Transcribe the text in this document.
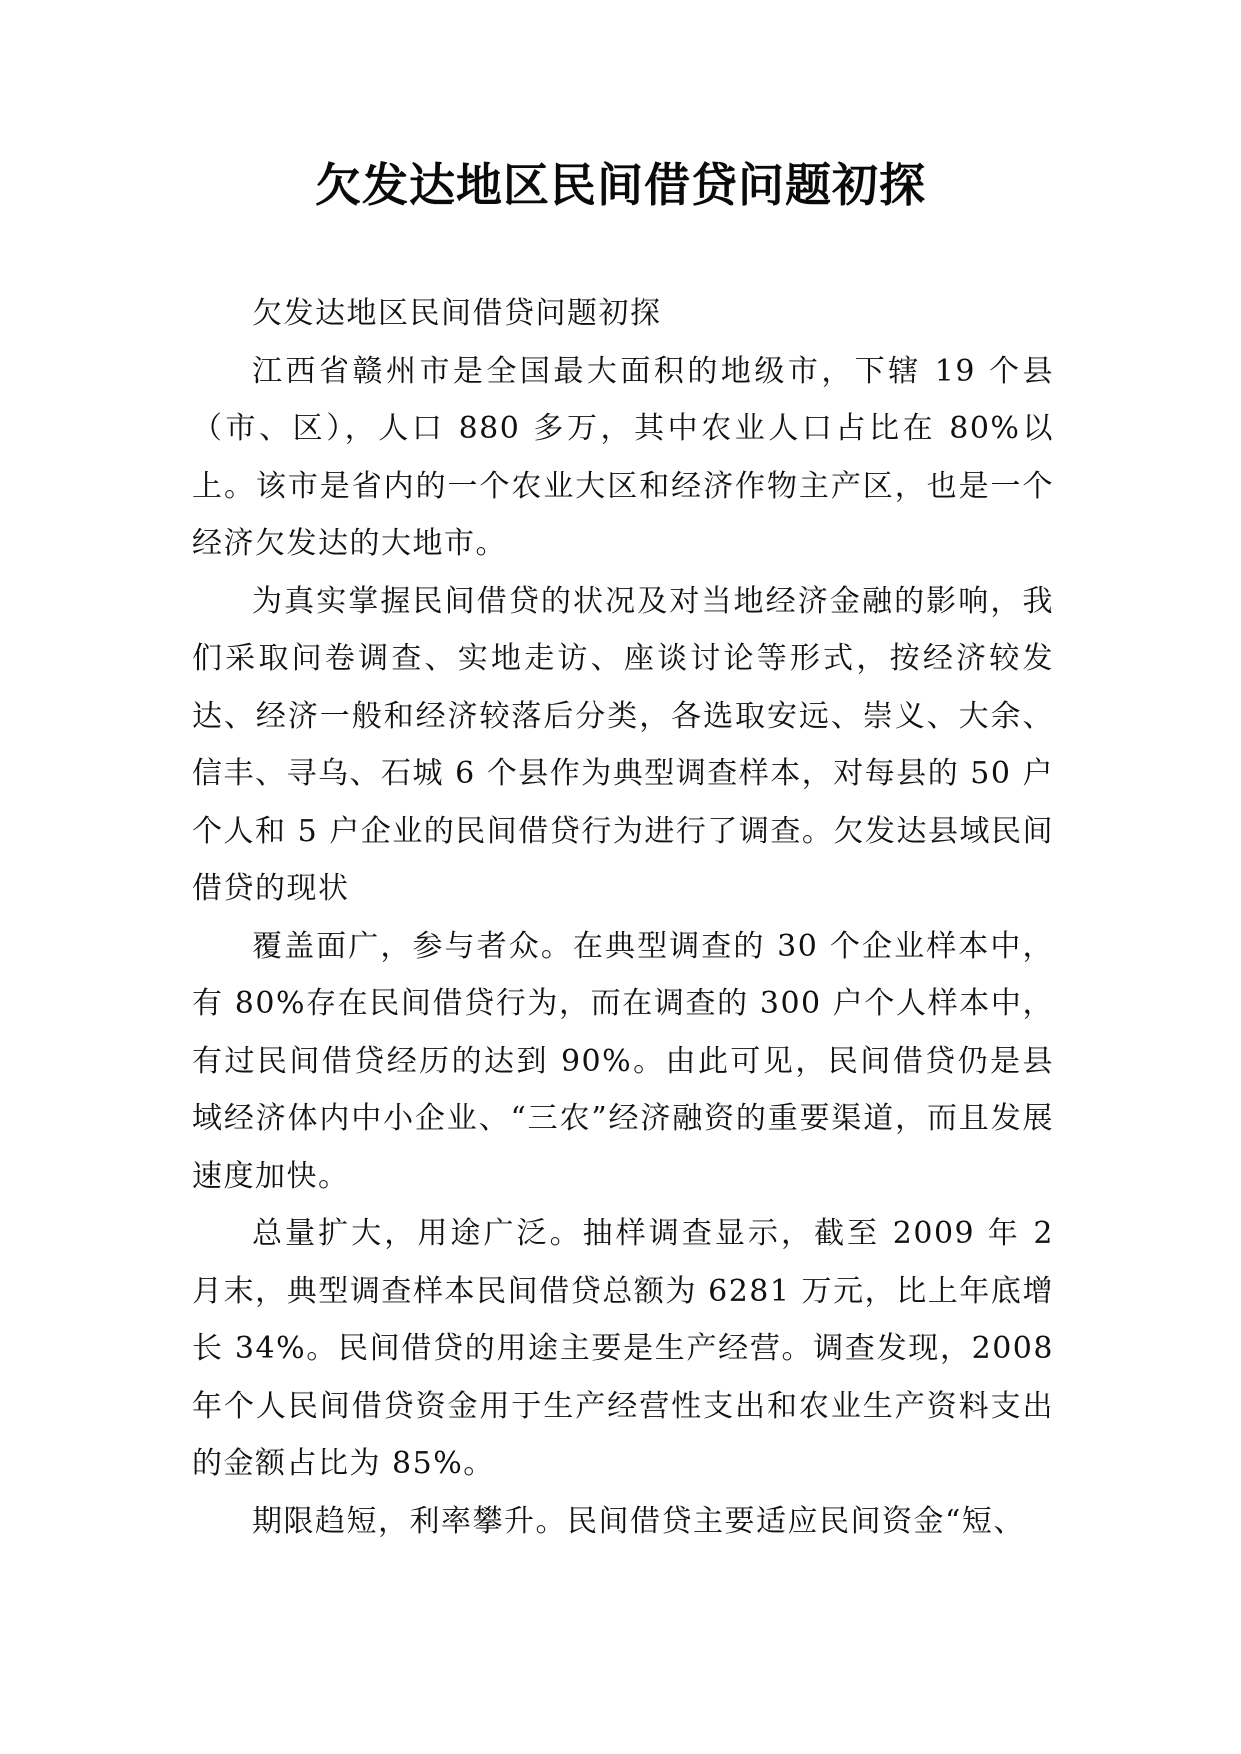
欠发达地区民间借贷问题初探

欠发达地区民间借贷问题初探

江西省赣州市是全国最大面积的地级市，下辖 19 个县（市、区），人口 880 多万，其中农业人口占比在 80%以上。该市是省内的一个农业大区和经济作物主产区，也是一个经济欠发达的大地市。

为真实掌握民间借贷的状况及对当地经济金融的影响，我们采取问卷调查、实地走访、座谈讨论等形式，按经济较发达、经济一般和经济较落后分类，各选取安远、崇义、大余、信丰、寻乌、石城 6 个县作为典型调查样本，对每县的 50 户个人和 5 户企业的民间借贷行为进行了调查。欠发达县域民间借贷的现状

覆盖面广，参与者众。在典型调查的 30 个企业样本中，有 80%存在民间借贷行为，而在调查的 300 户个人样本中，有过民间借贷经历的达到 90%。由此可见，民间借贷仍是县域经济体内中小企业、“三农”经济融资的重要渠道，而且发展速度加快。

总量扩大，用途广泛。抽样调查显示，截至 2009 年 2 月末，典型调查样本民间借贷总额为 6281 万元，比上年底增长 34%。民间借贷的用途主要是生产经营。调查发现，2008 年个人民间借贷资金用于生产经营性支出和农业生产资料支出的金额占比为 85%。

期限趋短，利率攀升。民间借贷主要适应民间资金“短、
